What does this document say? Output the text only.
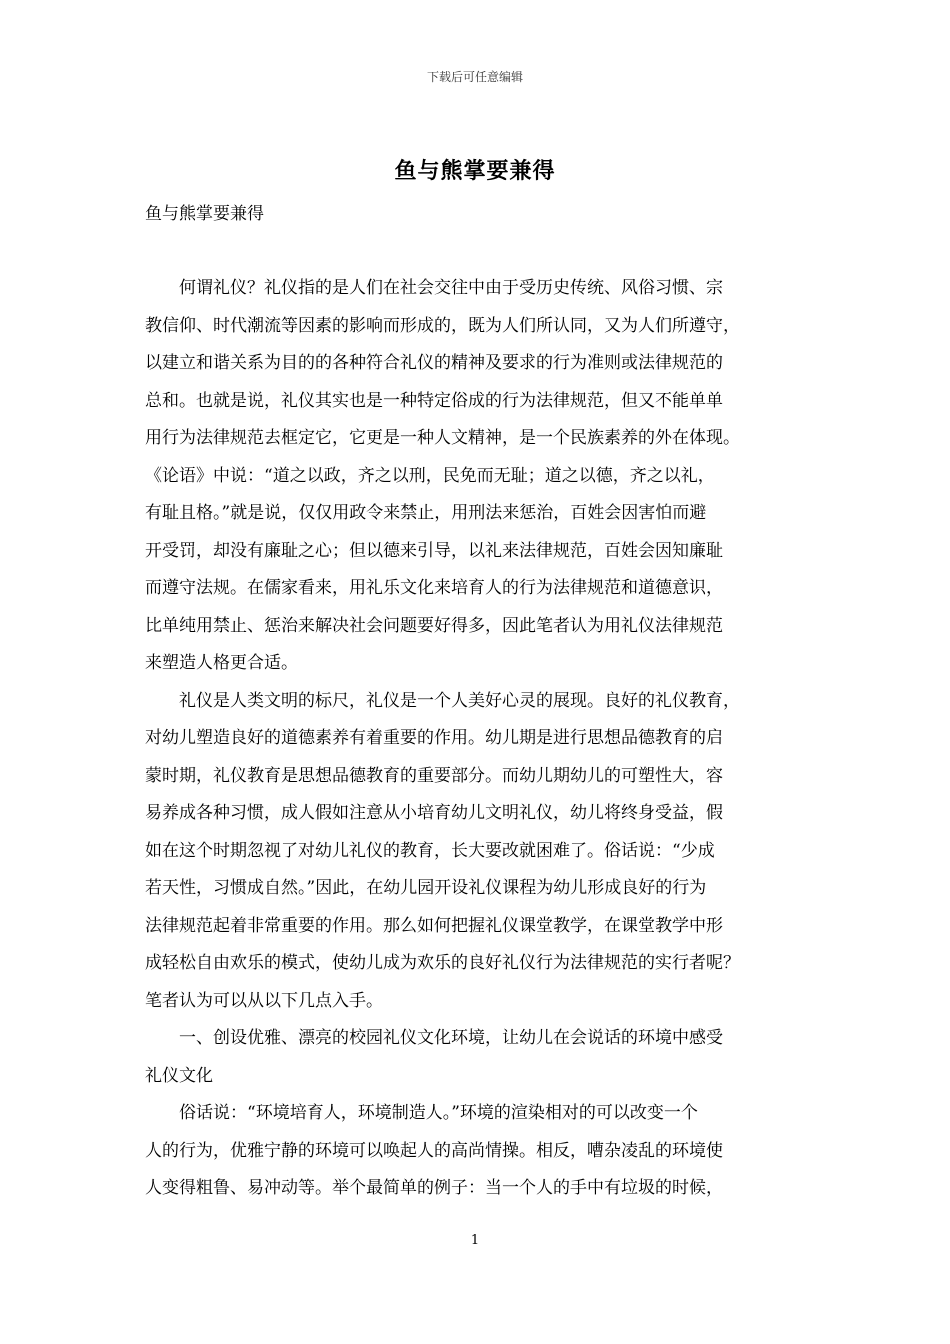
下载后可任意编辑
鱼与熊掌要兼得
鱼与熊掌要兼得
　　何谓礼仪？礼仪指的是人们在社会交往中由于受历史传统、风俗习惯、宗
教信仰、时代潮流等因素的影响而形成的，既为人们所认同，又为人们所遵守，
以建立和谐关系为目的的各种符合礼仪的精神及要求的行为准则或法律规范的
总和。也就是说，礼仪其实也是一种特定俗成的行为法律规范，但又不能单单
用行为法律规范去框定它，它更是一种人文精神，是一个民族素养的外在体现。
《论语》中说：“道之以政，齐之以刑，民免而无耻；道之以德，齐之以礼，
有耻且格。”就是说，仅仅用政令来禁止，用刑法来惩治，百姓会因害怕而避
开受罚，却没有廉耻之心；但以德来引导，以礼来法律规范，百姓会因知廉耻
而遵守法规。在儒家看来，用礼乐文化来培育人的行为法律规范和道德意识，
比单纯用禁止、惩治来解决社会问题要好得多，因此笔者认为用礼仪法律规范
来塑造人格更合适。
　　礼仪是人类文明的标尺，礼仪是一个人美好心灵的展现。良好的礼仪教育，
对幼儿塑造良好的道德素养有着重要的作用。幼儿期是进行思想品德教育的启
蒙时期，礼仪教育是思想品德教育的重要部分。而幼儿期幼儿的可塑性大，容
易养成各种习惯，成人假如注意从小培育幼儿文明礼仪，幼儿将终身受益，假
如在这个时期忽视了对幼儿礼仪的教育，长大要改就困难了。俗话说：“少成
若天性，习惯成自然。”因此，在幼儿园开设礼仪课程为幼儿形成良好的行为
法律规范起着非常重要的作用。那么如何把握礼仪课堂教学，在课堂教学中形
成轻松自由欢乐的模式，使幼儿成为欢乐的良好礼仪行为法律规范的实行者呢？
笔者认为可以从以下几点入手。
　　一、创设优雅、漂亮的校园礼仪文化环境，让幼儿在会说话的环境中感受
礼仪文化
　　俗话说：“环境培育人，环境制造人。”环境的渲染相对的可以改变一个
人的行为，优雅宁静的环境可以唤起人的高尚情操。相反，嘈杂凌乱的环境使
人变得粗鲁、易冲动等。举个最简单的例子：当一个人的手中有垃圾的时候，
1
